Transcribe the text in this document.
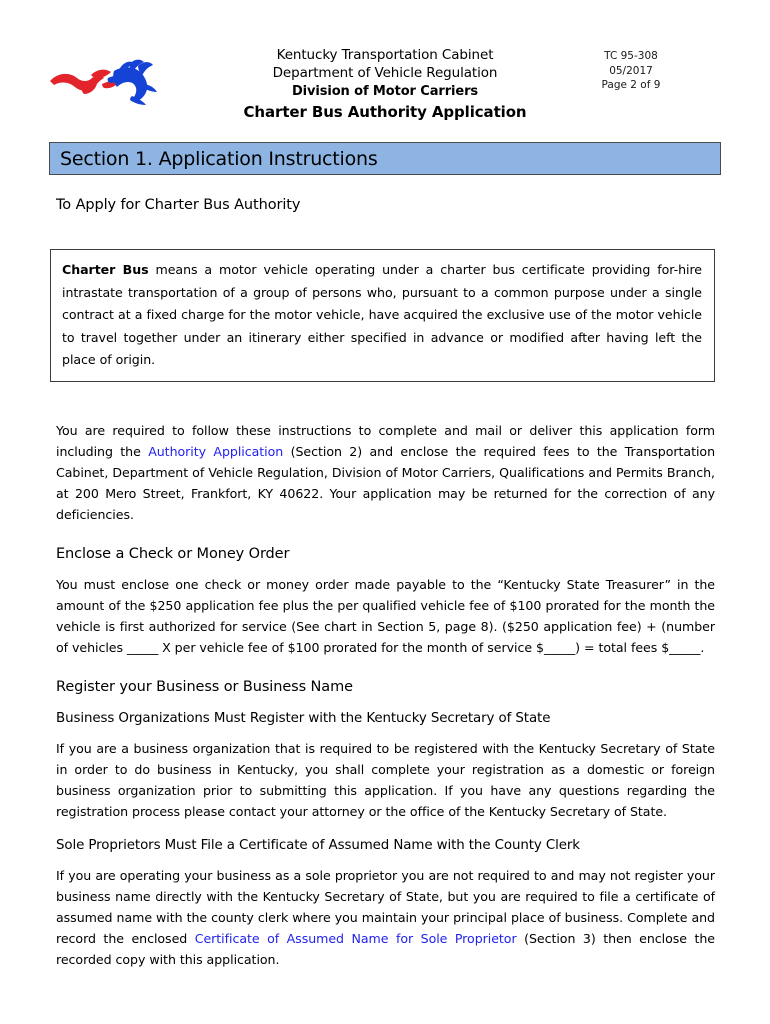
Kentucky Transportation Cabinet
Department of Vehicle Regulation
Division of Motor Carriers
Charter Bus Authority Application
TC 95-308
05/2017
Page 2 of 9
Section 1. Application Instructions
To Apply for Charter Bus Authority

Charter Bus means a motor vehicle operating under a charter bus certificate providing for-hire intrastate transportation of a group of persons who, pursuant to a common purpose under a single contract at a fixed charge for the motor vehicle, have acquired the exclusive use of the motor vehicle to travel together under an itinerary either specified in advance or modified after having left the place of origin.

You are required to follow these instructions to complete and mail or deliver this application form including the Authority Application (Section 2) and enclose the required fees to the Transportation Cabinet, Department of Vehicle Regulation, Division of Motor Carriers, Qualifications and Permits Branch, at 200 Mero Street, Frankfort, KY 40622. Your application may be returned for the correction of any deficiencies.

Enclose a Check or Money Order

You must enclose one check or money order made payable to the “Kentucky State Treasurer” in the amount of the $250 application fee plus the per qualified vehicle fee of $100 prorated for the month the vehicle is first authorized for service (See chart in Section 5, page 8). ($250 application fee) + (number of vehicles _____ X per vehicle fee of $100 prorated for the month of service $_____) = total fees $_____.

Register your Business or Business Name
Business Organizations Must Register with the Kentucky Secretary of State

If you are a business organization that is required to be registered with the Kentucky Secretary of State in order to do business in Kentucky, you shall complete your registration as a domestic or foreign business organization prior to submitting this application. If you have any questions regarding the registration process please contact your attorney or the office of the Kentucky Secretary of State.

Sole Proprietors Must File a Certificate of Assumed Name with the County Clerk

If you are operating your business as a sole proprietor you are not required to and may not register your business name directly with the Kentucky Secretary of State, but you are required to file a certificate of assumed name with the county clerk where you maintain your principal place of business. Complete and record the enclosed Certificate of Assumed Name for Sole Proprietor (Section 3) then enclose the recorded copy with this application.
